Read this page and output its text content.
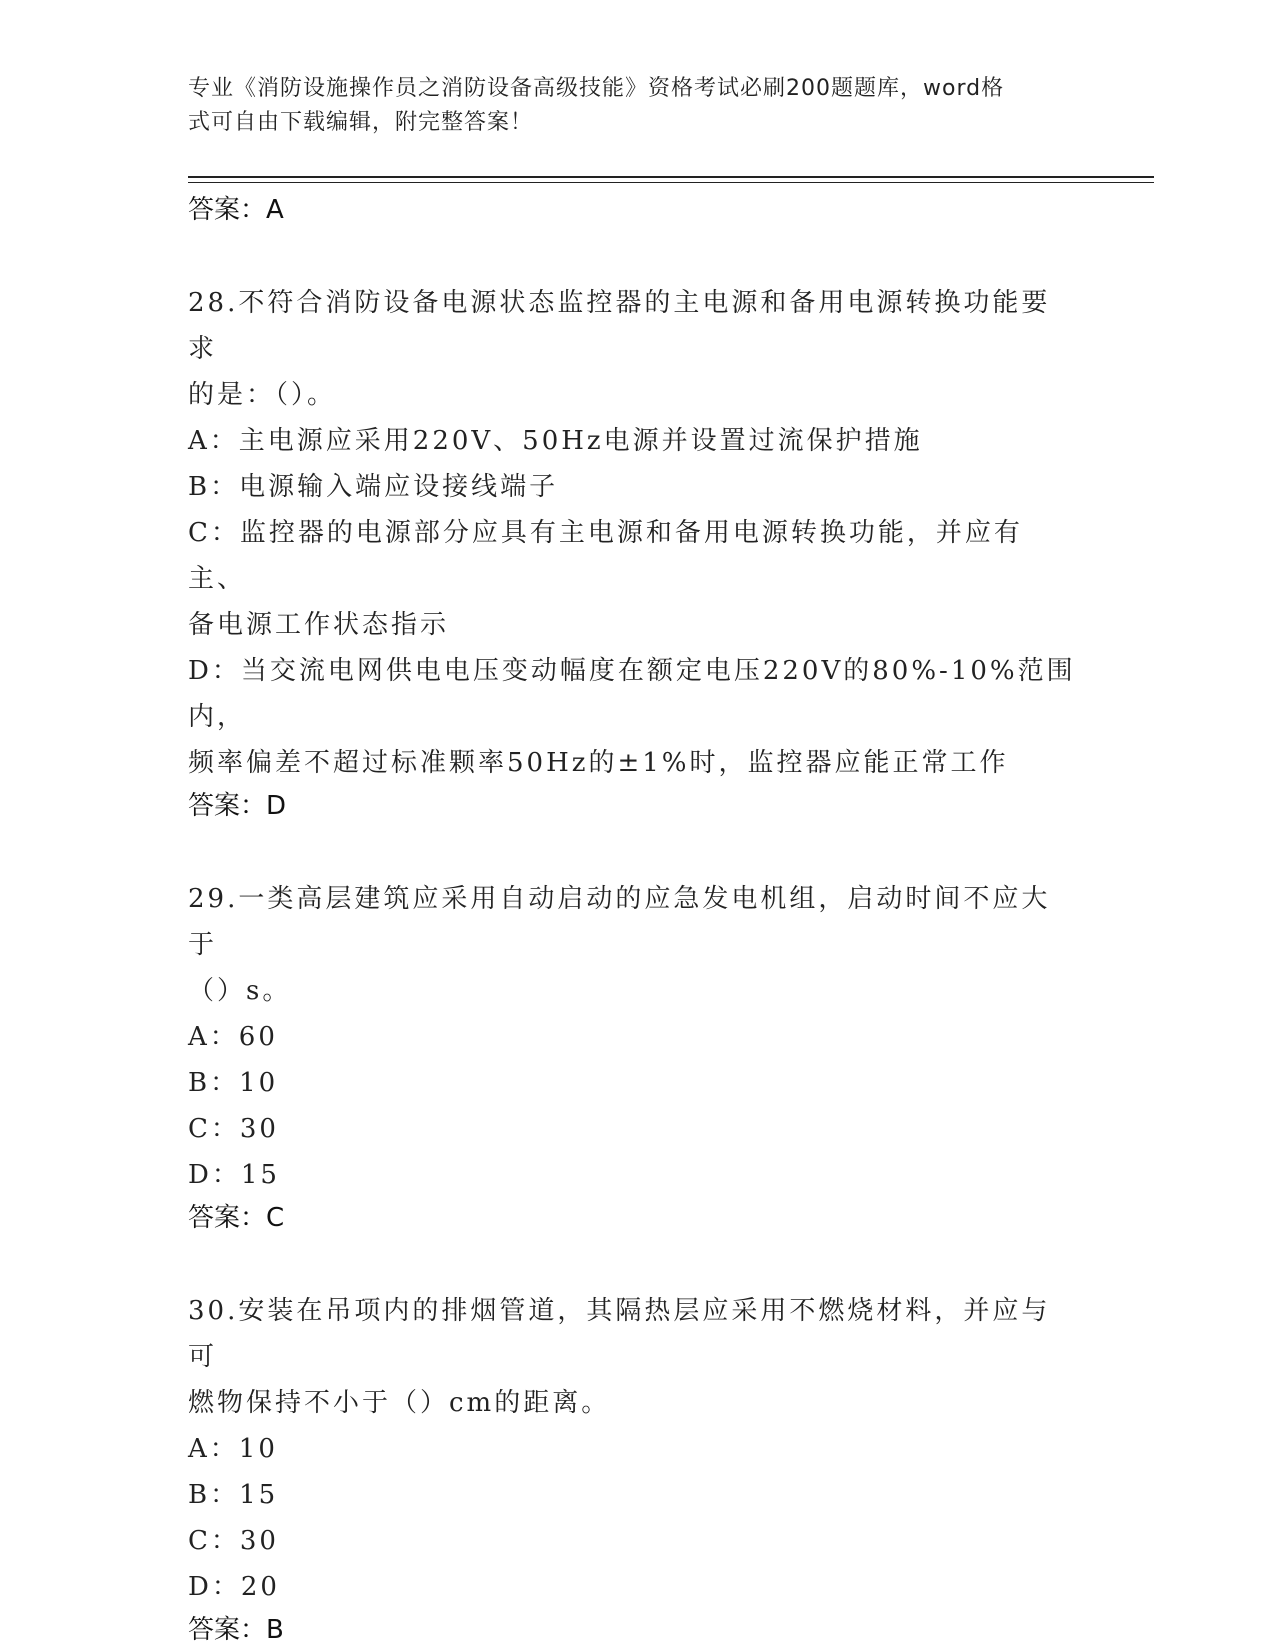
专业《消防设施操作员之消防设备高级技能》资格考试必刷200题题库，word格
式可自由下载编辑，附完整答案！

答案：A

28.不符合消防设备电源状态监控器的主电源和备用电源转换功能要求

的是：（）。

A：主电源应采用220V、50Hz电源并设置过流保护措施

B：电源输入端应设接线端子

C：监控器的电源部分应具有主电源和备用电源转换功能，并应有主、

备电源工作状态指示

D：当交流电网供电电压变动幅度在额定电压220V的80%-10%范围内，

频率偏差不超过标准颗率50Hz的±1%时，监控器应能正常工作

答案：D

29.一类高层建筑应采用自动启动的应急发电机组，启动时间不应大于

（）s。

A：60

B：10

C：30

D：15

答案：C

30.安装在吊项内的排烟管道，其隔热层应采用不燃烧材料，并应与可

燃物保持不小于（）cm的距离。

A：10

B：15

C：30

D：20

答案：B
